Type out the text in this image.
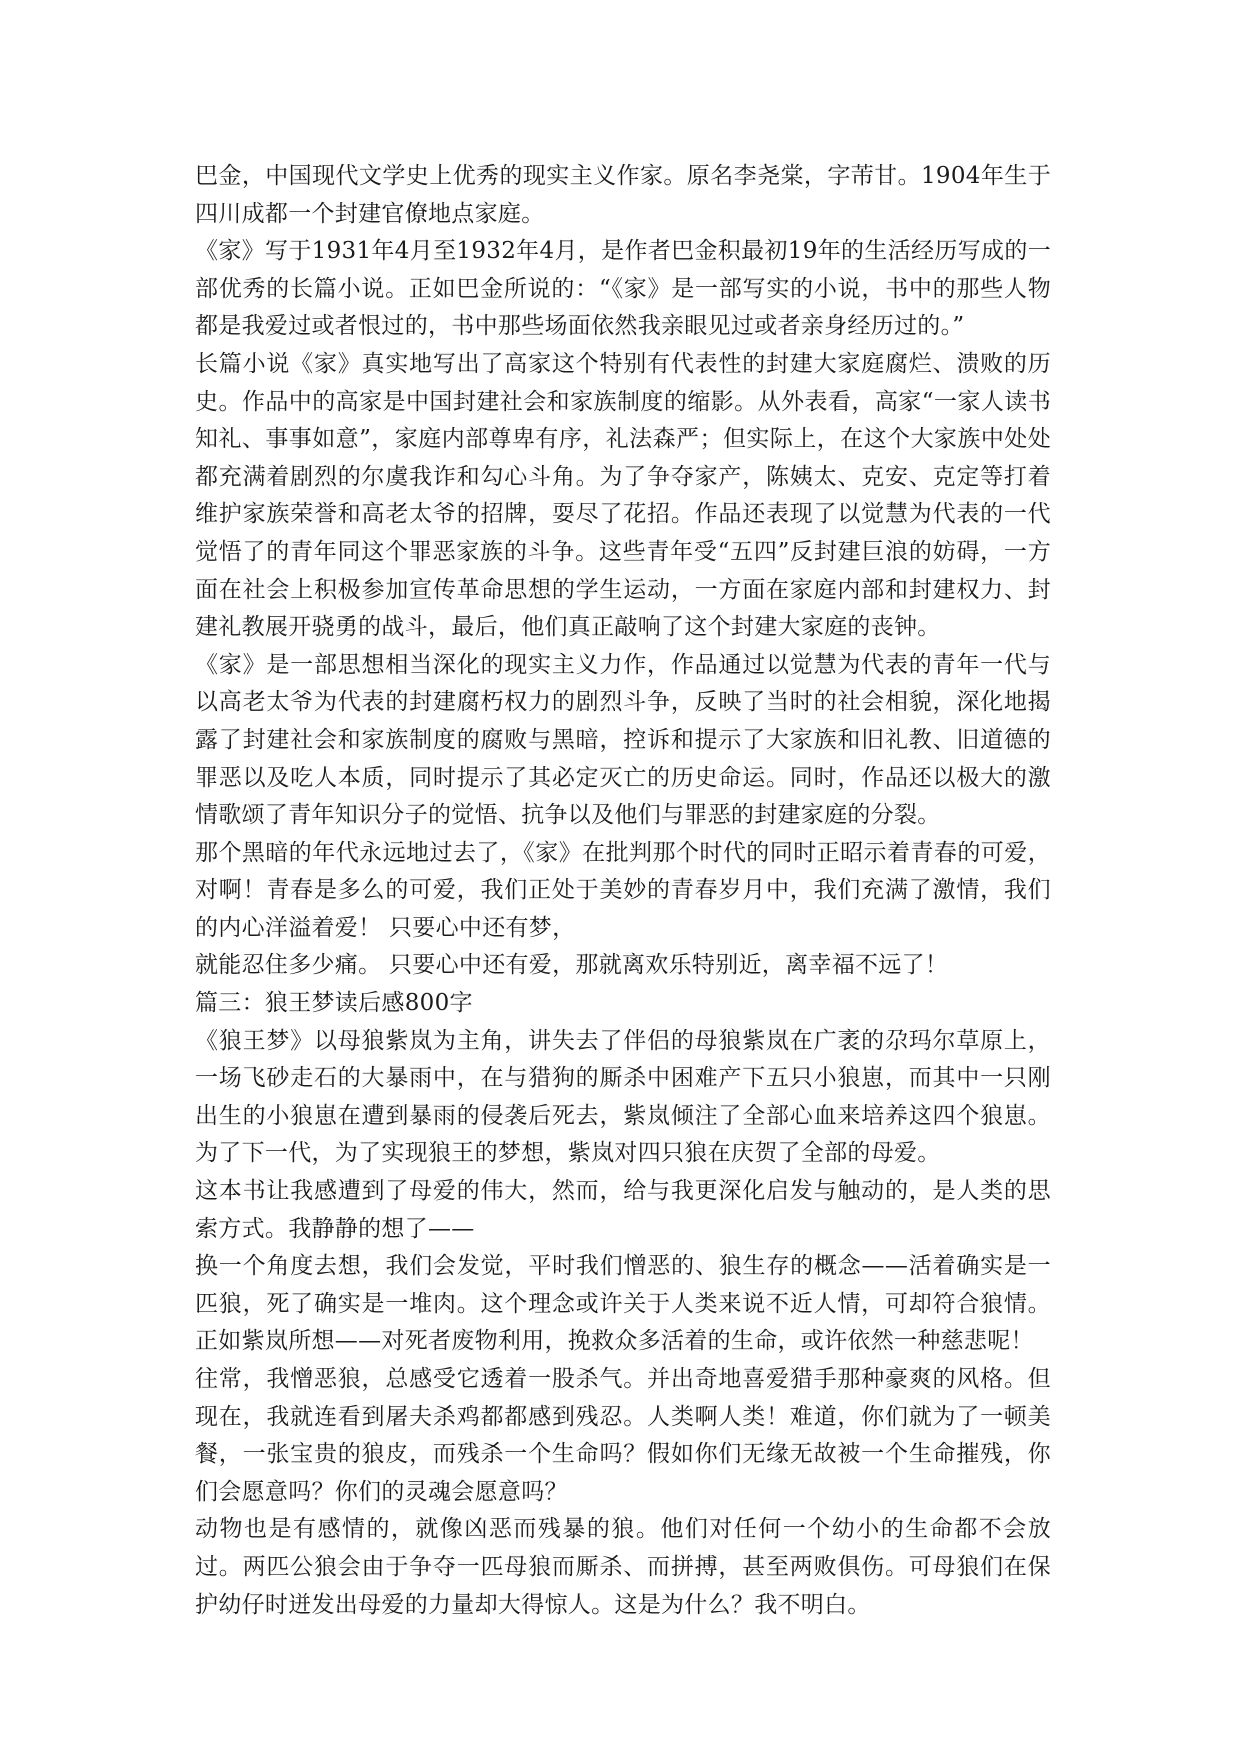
巴金，中国现代文学史上优秀的现实主义作家。原名李尧棠，字芾甘。1904年生于四川成都一个封建官僚地点家庭。

《家》写于1931年4月至1932年4月，是作者巴金积最初19年的生活经历写成的一部优秀的长篇小说。正如巴金所说的：“《家》是一部写实的小说，书中的那些人物都是我爱过或者恨过的，书中那些场面依然我亲眼见过或者亲身经历过的。”

长篇小说《家》真实地写出了高家这个特别有代表性的封建大家庭腐烂、溃败的历史。作品中的高家是中国封建社会和家族制度的缩影。从外表看，高家“一家人读书知礼、事事如意”，家庭内部尊卑有序，礼法森严；但实际上，在这个大家族中处处都充满着剧烈的尔虞我诈和勾心斗角。为了争夺家产，陈姨太、克安、克定等打着维护家族荣誉和高老太爷的招牌，耍尽了花招。作品还表现了以觉慧为代表的一代觉悟了的青年同这个罪恶家族的斗争。这些青年受“五四”反封建巨浪的妨碍，一方面在社会上积极参加宣传革命思想的学生运动，一方面在家庭内部和封建权力、封建礼教展开骁勇的战斗，最后，他们真正敲响了这个封建大家庭的丧钟。

《家》是一部思想相当深化的现实主义力作，作品通过以觉慧为代表的青年一代与以高老太爷为代表的封建腐朽权力的剧烈斗争，反映了当时的社会相貌，深化地揭露了封建社会和家族制度的腐败与黑暗，控诉和提示了大家族和旧礼教、旧道德的罪恶以及吃人本质，同时提示了其必定灭亡的历史命运。同时，作品还以极大的激情歌颂了青年知识分子的觉悟、抗争以及他们与罪恶的封建家庭的分裂。

那个黑暗的年代永远地过去了，《家》在批判那个时代的同时正昭示着青春的可爱，对啊！青春是多么的可爱，我们正处于美妙的青春岁月中，我们充满了激情，我们的内心洋溢着爱！ 只要心中还有梦，

就能忍住多少痛。 只要心中还有爱，那就离欢乐特别近，离幸福不远了！

篇三：狼王梦读后感800字

《狼王梦》以母狼紫岚为主角，讲失去了伴侣的母狼紫岚在广袤的尕玛尔草原上，一场飞砂走石的大暴雨中，在与猎狗的厮杀中困难产下五只小狼崽，而其中一只刚出生的小狼崽在遭到暴雨的侵袭后死去，紫岚倾注了全部心血来培养这四个狼崽。为了下一代，为了实现狼王的梦想，紫岚对四只狼在庆贺了全部的母爱。

这本书让我感遭到了母爱的伟大，然而，给与我更深化启发与触动的，是人类的思索方式。我静静的想了——

换一个角度去想，我们会发觉，平时我们憎恶的、狼生存的概念——活着确实是一匹狼，死了确实是一堆肉。这个理念或许关于人类来说不近人情，可却符合狼情。正如紫岚所想——对死者废物利用，挽救众多活着的生命，或许依然一种慈悲呢！

往常，我憎恶狼，总感受它透着一股杀气。并出奇地喜爱猎手那种豪爽的风格。但现在，我就连看到屠夫杀鸡都都感到残忍。人类啊人类！难道，你们就为了一顿美餐，一张宝贵的狼皮，而残杀一个生命吗？假如你们无缘无故被一个生命摧残，你们会愿意吗？你们的灵魂会愿意吗？

动物也是有感情的，就像凶恶而残暴的狼。他们对任何一个幼小的生命都不会放过。两匹公狼会由于争夺一匹母狼而厮杀、而拼搏，甚至两败俱伤。可母狼们在保护幼仔时迸发出母爱的力量却大得惊人。这是为什么？我不明白。
